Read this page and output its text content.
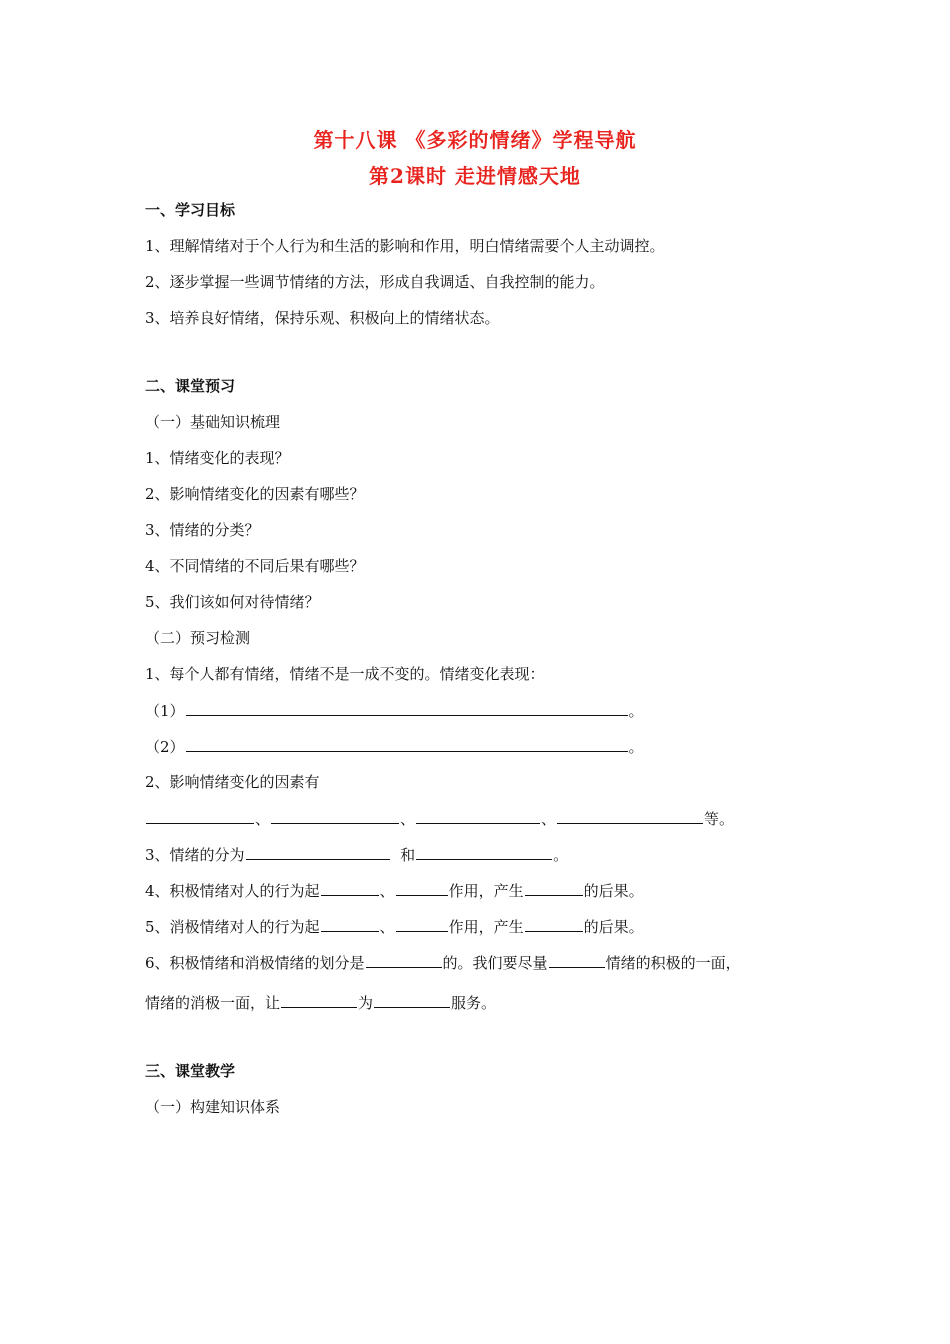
第十八课 《多彩的情绪》学程导航
第2课时 走进情感天地
一、学习目标
1、理解情绪对于个人行为和生活的影响和作用，明白情绪需要个人主动调控。
2、逐步掌握一些调节情绪的方法，形成自我调适、自我控制的能力。
3、培养良好情绪，保持乐观、积极向上的情绪状态。
二、课堂预习
（一）基础知识梳理
1、情绪变化的表现？
2、影响情绪变化的因素有哪些？
3、情绪的分类？
4、不同情绪的不同后果有哪些？
5、我们该如何对待情绪？
（二）预习检测
1、每个人都有情绪，情绪不是一成不变的。情绪变化表现：
（1）	。
（2）	。
2、影响情绪变化的因素有
、	、	、	等。
3、情绪的分为	和	。
4、积极情绪对人的行为起	、	作用，产生	的后果。
5、消极情绪对人的行为起	、	作用，产生	的后果。
6、积极情绪和消极情绪的划分是	的。我们要尽量	情绪的积极的一面，
情绪的消极一面，让	为	服务。
三、课堂教学
（一）构建知识体系
